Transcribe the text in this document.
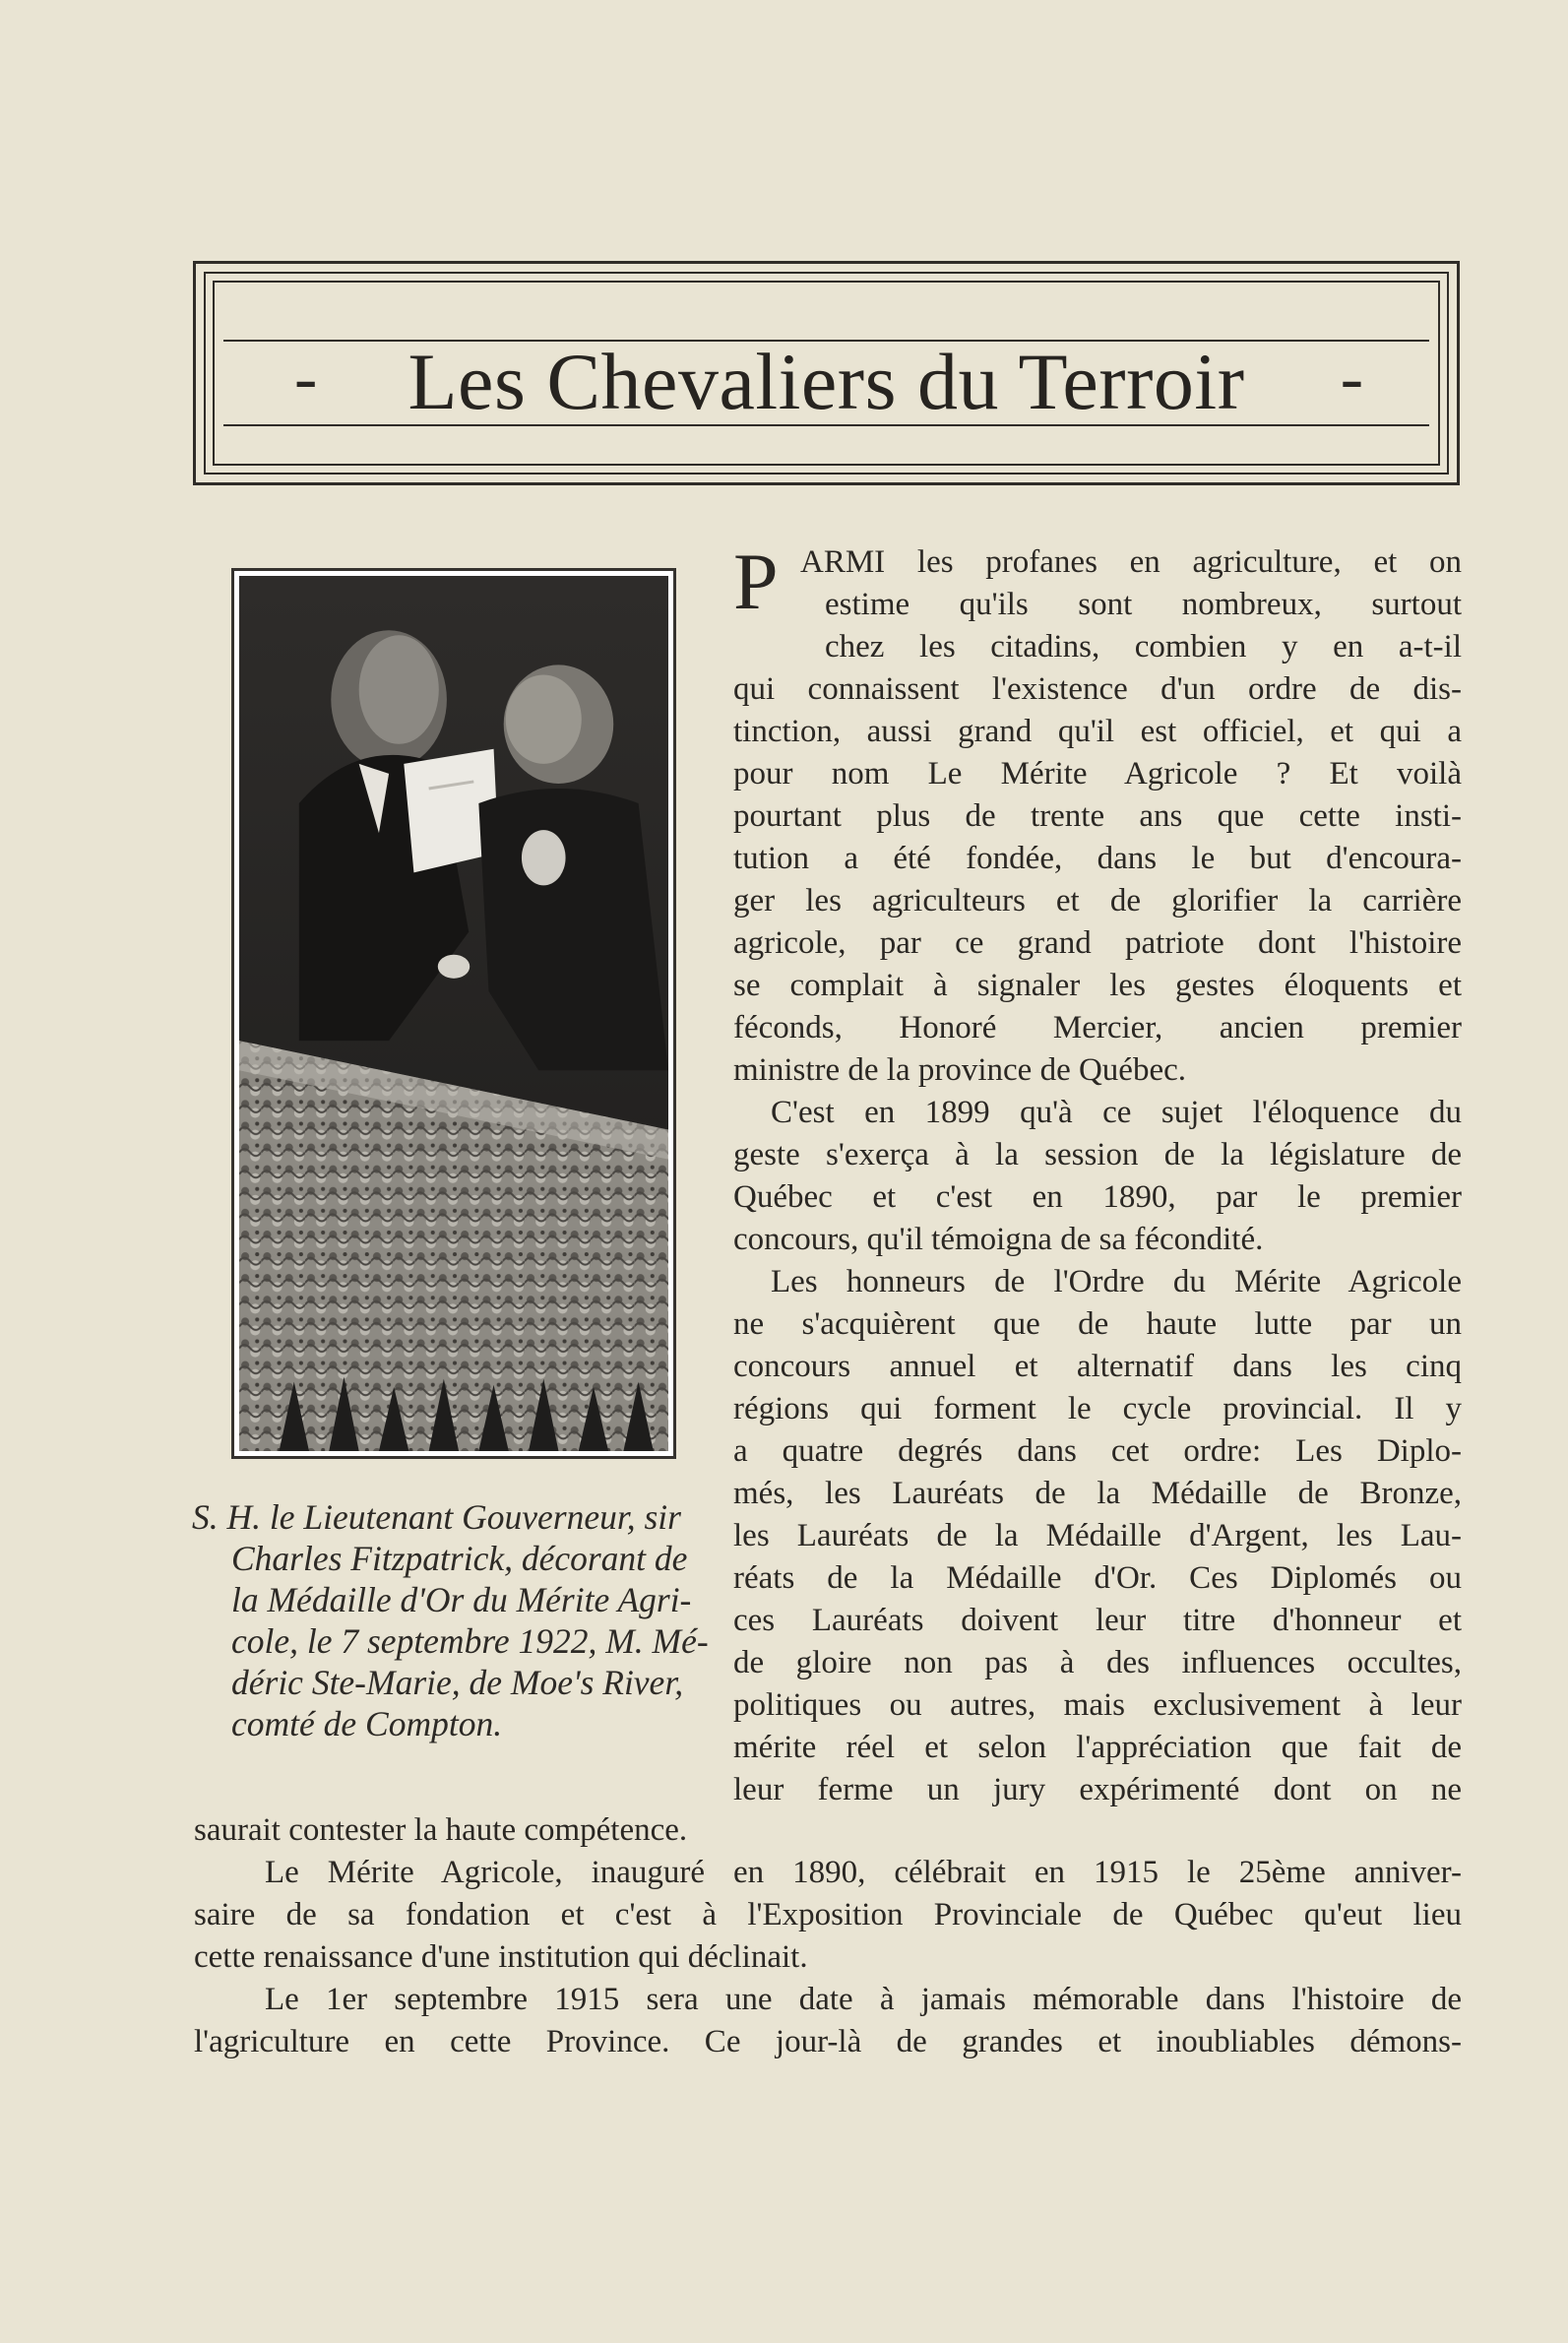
-	Les Chevaliers du Terroir	-
S. H. le Lieutenant Gouverneur, sir
Charles Fitzpatrick, décorant de
la Médaille d'Or du Mérite Agri-
cole, le 7 septembre 1922, M. Mé-
déric Ste-Marie, de Moe's River,
comté de Compton.
P ARMI les profanes en agriculture, et on
estime qu'ils sont nombreux, surtout
chez les citadins, combien y en a-t-il
qui connaissent l'existence d'un ordre de dis-
tinction, aussi grand qu'il est officiel, et qui a
pour nom Le Mérite Agricole ? Et voilà
pourtant plus de trente ans que cette insti-
tution a été fondée, dans le but d'encoura-
ger les agriculteurs et de glorifier la carrière
agricole, par ce grand patriote dont l'histoire
se complait à signaler les gestes éloquents et
féconds, Honoré Mercier, ancien premier
ministre de la province de Québec.
C'est en 1899 qu'à ce sujet l'éloquence du
geste s'exerça à la session de la législature de
Québec et c'est en 1890, par le premier
concours, qu'il témoigna de sa fécondité.
Les honneurs de l'Ordre du Mérite Agricole
ne s'acquièrent que de haute lutte par un
concours annuel et alternatif dans les cinq
régions qui forment le cycle provincial. Il y
a quatre degrés dans cet ordre: Les Diplo-
més, les Lauréats de la Médaille de Bronze,
les Lauréats de la Médaille d'Argent, les Lau-
réats de la Médaille d'Or. Ces Diplomés ou
ces Lauréats doivent leur titre d'honneur et
de gloire non pas à des influences occultes,
politiques ou autres, mais exclusivement à leur
mérite réel et selon l'appréciation que fait de
leur ferme un jury expérimenté dont on ne
saurait contester la haute compétence.
Le Mérite Agricole, inauguré en 1890, célébrait en 1915 le 25ème anniver-
saire de sa fondation et c'est à l'Exposition Provinciale de Québec qu'eut lieu
cette renaissance d'une institution qui déclinait.
Le 1er septembre 1915 sera une date à jamais mémorable dans l'histoire de
l'agriculture en cette Province. Ce jour-là de grandes et inoubliables démons-
